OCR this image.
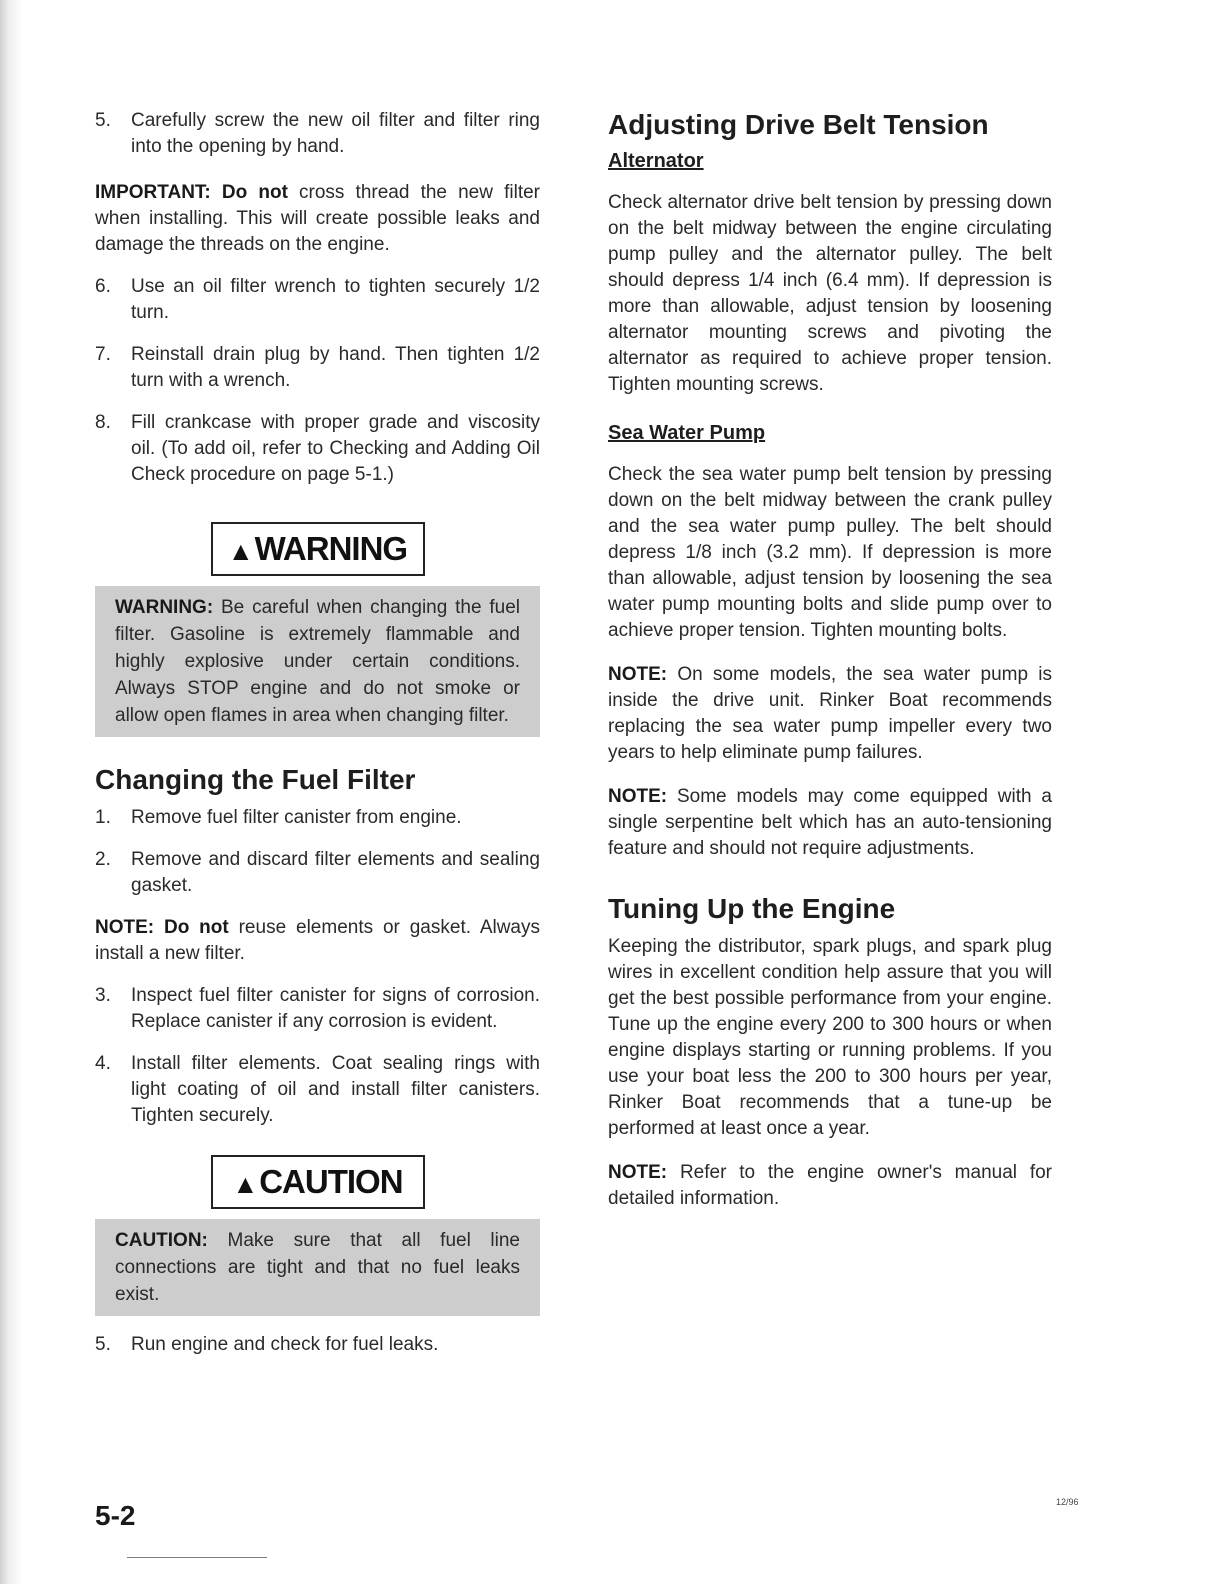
5.	Carefully screw the new oil filter and filter ring into the opening by hand.

IMPORTANT: Do not cross thread the new filter when installing. This will create possible leaks and damage the threads on the engine.

6.	Use an oil filter wrench to tighten securely 1/2 turn.
7.	Reinstall drain plug by hand. Then tighten 1/2 turn with a wrench.
8.	Fill crankcase with proper grade and viscosity oil. (To add oil, refer to Checking and Adding Oil Check procedure on page 5-1.)
▲WARNING
WARNING: Be careful when changing the fuel filter. Gasoline is extremely flammable and highly explosive under certain conditions. Always STOP engine and do not smoke or allow open flames in area when changing filter.
Changing the Fuel Filter
1.	Remove fuel filter canister from engine.
2.	Remove and discard filter elements and sealing gasket.

NOTE: Do not reuse elements or gasket. Always install a new filter.

3.	Inspect fuel filter canister for signs of corrosion. Replace canister if any corrosion is evident.
4.	Install filter elements. Coat sealing rings with light coating of oil and install filter canisters. Tighten securely.
▲CAUTION
CAUTION: Make sure that all fuel line connections are tight and that no fuel leaks exist.
5.	Run engine and check for fuel leaks.
Adjusting Drive Belt Tension
Alternator

Check alternator drive belt tension by pressing down on the belt midway between the engine circulating pump pulley and the alternator pulley. The belt should depress 1/4 inch (6.4 mm). If depression is more than allowable, adjust tension by loosening alternator mounting screws and pivoting the alternator as required to achieve proper tension. Tighten mounting screws.

Sea Water Pump

Check the sea water pump belt tension by pressing down on the belt midway between the crank pulley and the sea water pump pulley. The belt should depress 1/8 inch (3.2 mm). If depression is more than allowable, adjust tension by loosening the sea water pump mounting bolts and slide pump over to achieve proper tension. Tighten mounting bolts.

NOTE: On some models, the sea water pump is inside the drive unit. Rinker Boat recommends replacing the sea water pump impeller every two years to help eliminate pump failures.

NOTE: Some models may come equipped with a single serpentine belt which has an auto-tensioning feature and should not require adjustments.

Tuning Up the Engine

Keeping the distributor, spark plugs, and spark plug wires in excellent condition help assure that you will get the best possible performance from your engine. Tune up the engine every 200 to 300 hours or when engine displays starting or running problems. If you use your boat less the 200 to 300 hours per year, Rinker Boat recommends that a tune-up be performed at least once a year.

NOTE: Refer to the engine owner's manual for detailed information.

5-2	12/96
